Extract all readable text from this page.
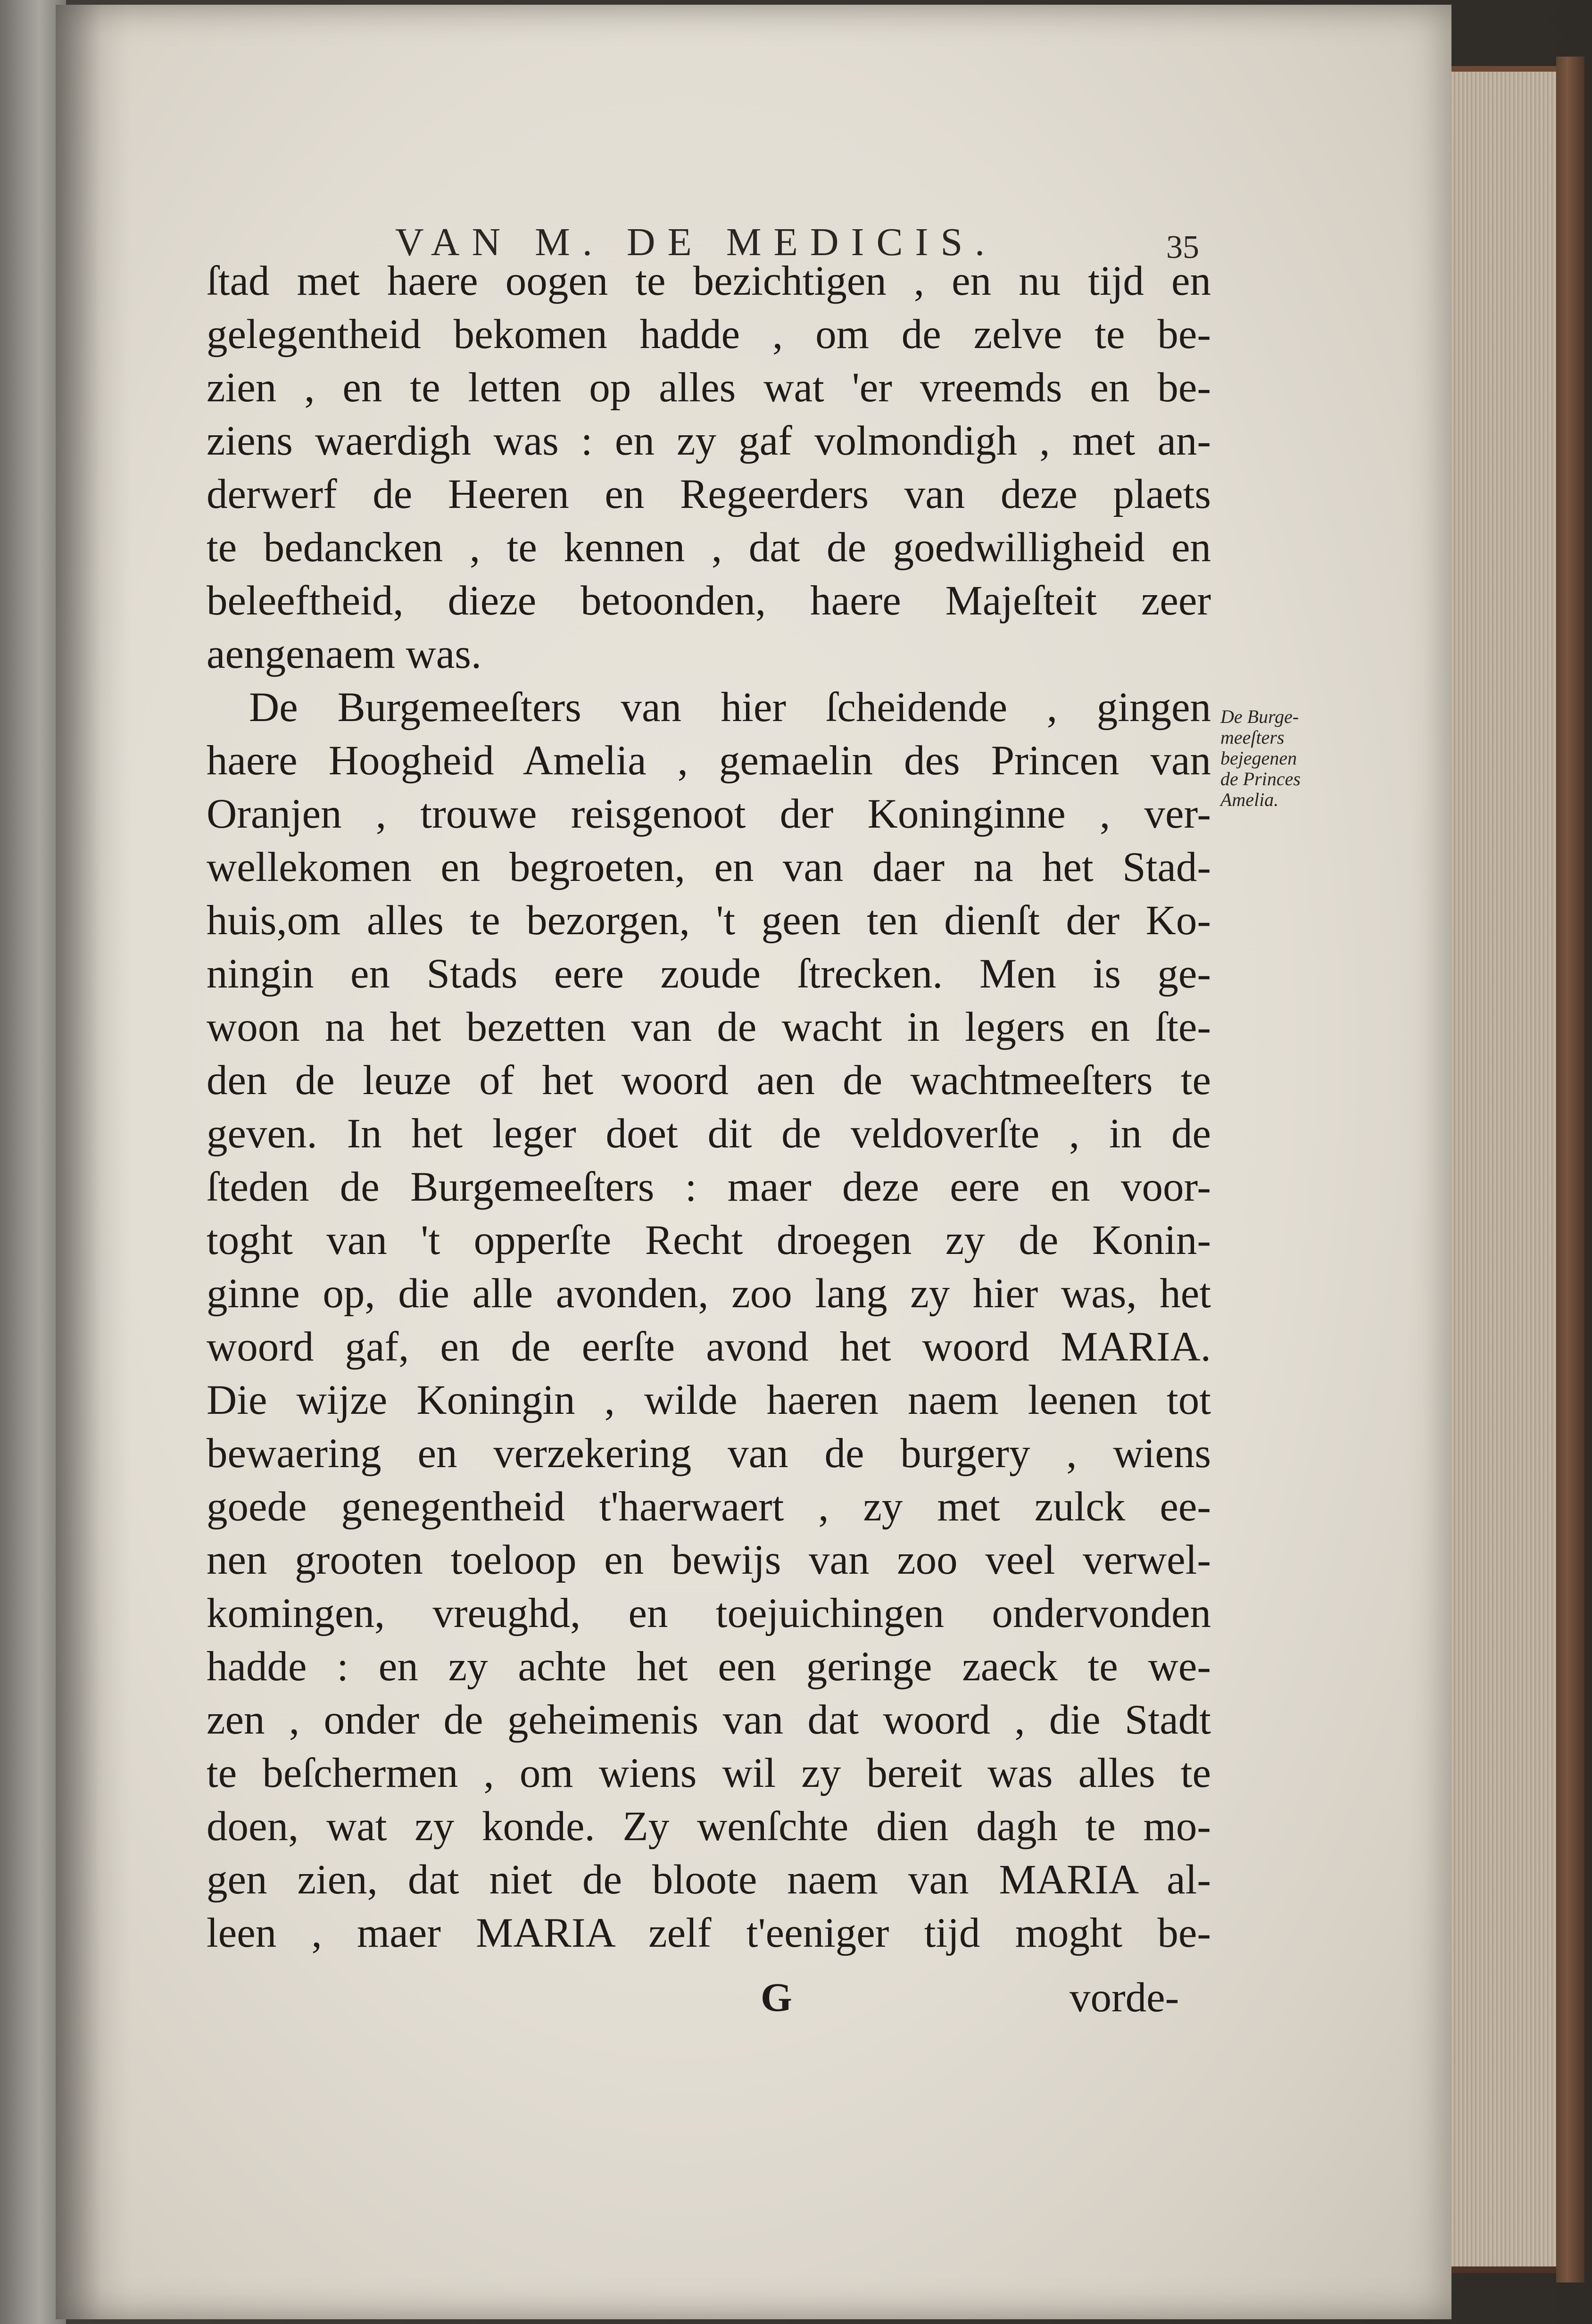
VAN M. DE MEDICIS.	35
ſtad met haere oogen te bezichtigen , en nu tijd en
gelegentheid bekomen hadde , om de zelve te be-
zien , en te letten op alles wat 'er vreemds en be-
ziens waerdigh was : en zy gaf volmondigh , met an-
derwerf de Heeren en Regeerders van deze plaets
te bedancken , te kennen , dat de goedwilligheid en
beleeftheid, dieze betoonden, haere Majeſteit zeer
aengenaem was.
De Burgemeeſters van hier ſcheidende , gingen
haere Hoogheid Amelia , gemaelin des Princen van
Oranjen , trouwe reisgenoot der Koninginne , ver-
wellekomen en begroeten, en van daer na het Stad-
huis,om alles te bezorgen, 't geen ten dienſt der Ko-
ningin en Stads eere zoude ſtrecken. Men is ge-
woon na het bezetten van de wacht in legers en ſte-
den de leuze of het woord aen de wachtmeeſters te
geven. In het leger doet dit de veldoverſte , in de
ſteden de Burgemeeſters : maer deze eere en voor-
toght van 't opperſte Recht droegen zy de Konin-
ginne op, die alle avonden, zoo lang zy hier was, het
woord gaf, en de eerſte avond het woord MARIA.
Die wijze Koningin , wilde haeren naem leenen tot
bewaering en verzekering van de burgery , wiens
goede genegentheid t'haerwaert , zy met zulck ee-
nen grooten toeloop en bewijs van zoo veel verwel-
komingen, vreughd, en toejuichingen ondervonden
hadde : en zy achte het een geringe zaeck te we-
zen , onder de geheimenis van dat woord , die Stadt
te beſchermen , om wiens wil zy bereit was alles te
doen, wat zy konde. Zy wenſchte dien dagh te mo-
gen zien, dat niet de bloote naem van MARIA al-
leen , maer MARIA zelf t'eeniger tijd moght be-
De Burge-
meeſters
bejegenen
de Princes
Amelia.
G	vorde-
